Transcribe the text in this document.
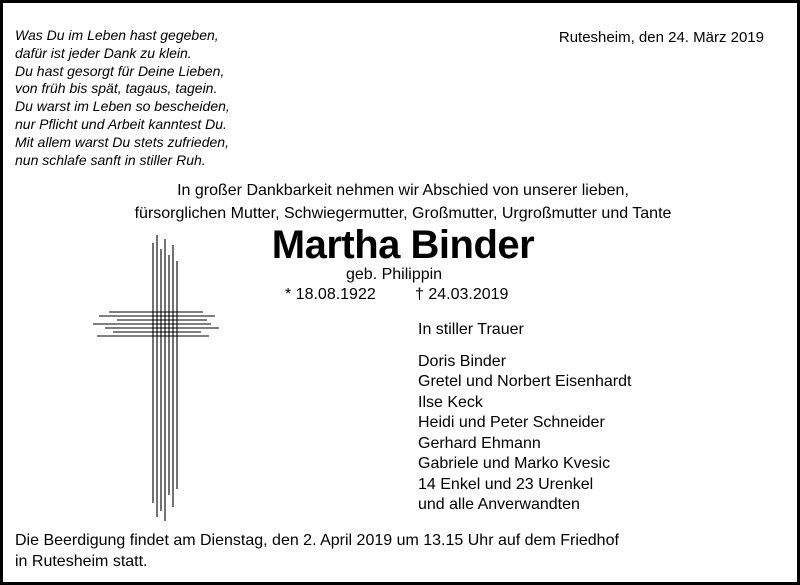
Was Du im Leben hast gegeben,
dafür ist jeder Dank zu klein.
Du hast gesorgt für Deine Lieben,
von früh bis spät, tagaus, tagein.
Du warst im Leben so bescheiden,
nur Pflicht und Arbeit kanntest Du.
Mit allem warst Du stets zufrieden,
nun schlafe sanft in stiller Ruh.
Rutesheim, den 24. März 2019
In großer Dankbarkeit nehmen wir Abschied von unserer lieben,
fürsorglichen Mutter, Schwiegermutter, Großmutter, Urgroßmutter und Tante
Martha Binder
geb. Philippin
* 18.08.1922 † 24.03.2019
In stiller Trauer
Doris Binder
Gretel und Norbert Eisenhardt
Ilse Keck
Heidi und Peter Schneider
Gerhard Ehmann
Gabriele und Marko Kvesic
14 Enkel und 23 Urenkel
und alle Anverwandten
Die Beerdigung findet am Dienstag, den 2. April 2019 um 13.15 Uhr auf dem Friedhof
in Rutesheim statt.
